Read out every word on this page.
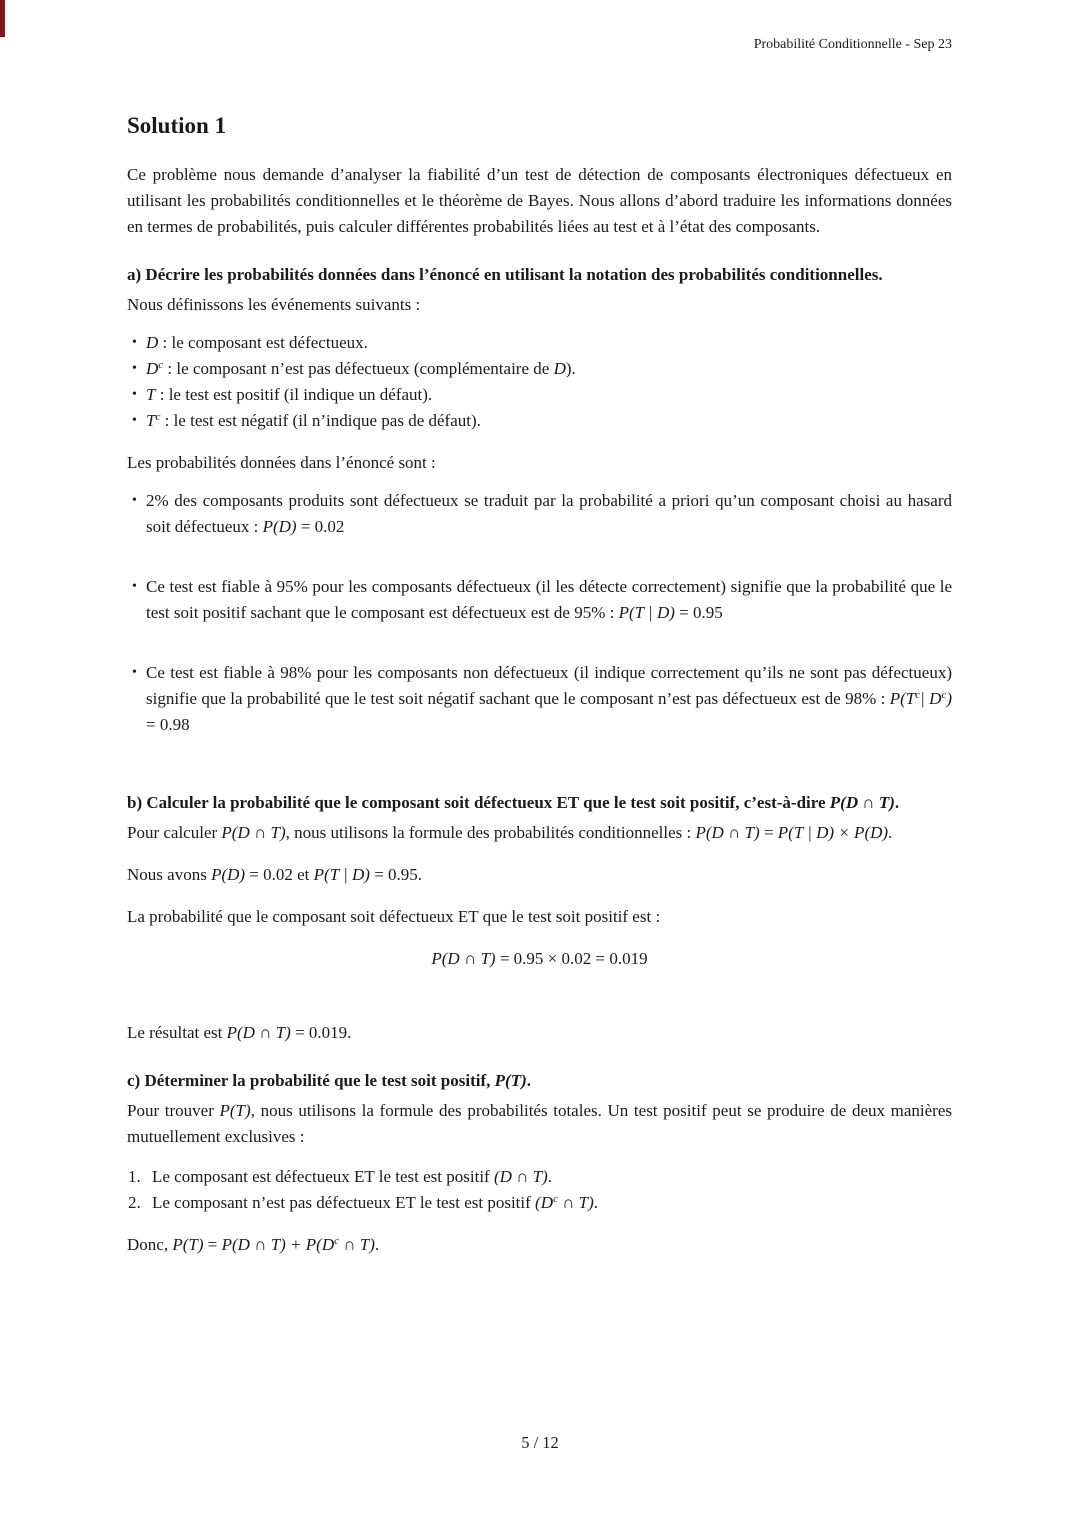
Probabilité Conditionnelle - Sep 23
Solution 1

Ce problème nous demande d’analyser la fiabilité d’un test de détection de composants électroniques défectueux en utilisant les probabilités conditionnelles et le théorème de Bayes. Nous allons d’abord traduire les informations données en termes de probabilités, puis calculer différentes probabilités liées au test et à l’état des composants.

a) Décrire les probabilités données dans l’énoncé en utilisant la notation des probabilités conditionnelles.

Nous définissons les événements suivants :

• D : le composant est défectueux.
• $D^c$ : le composant n’est pas défectueux (complémentaire de D).
• T : le test est positif (il indique un défaut).
• $T^c$ : le test est négatif (il n’indique pas de défaut).

Les probabilités données dans l’énoncé sont :

• 2% des composants produits sont défectueux se traduit par la probabilité a priori qu’un composant choisi au hasard soit défectueux : P(D) = 0.02
• Ce test est fiable à 95% pour les composants défectueux (il les détecte correctement) signifie que la probabilité que le test soit positif sachant que le composant est défectueux est de 95% : P(T | D) = 0.95
• Ce test est fiable à 98% pour les composants non défectueux (il indique correctement qu’ils ne sont pas défectueux) signifie que la probabilité que le test soit négatif sachant que le composant n’est pas défectueux est de 98% : $P(T^c|$ $D^c) = 0.98$

b) Calculer la probabilité que le composant soit défectueux ET que le test soit positif, c’est-à-dire P(D ∩ T).

Pour calculer P(D ∩ T), nous utilisons la formule des probabilités conditionnelles : P(D ∩ T) = P(T | D) × P(D).

Nous avons P(D) = 0.02 et P(T | D) = 0.95.

La probabilité que le composant soit défectueux ET que le test soit positif est :

P(D ∩ T) = 0.95 × 0.02 = 0.019

Le résultat est P(D ∩ T) = 0.019.

c) Déterminer la probabilité que le test soit positif, P(T).

Pour trouver P(T), nous utilisons la formule des probabilités totales. Un test positif peut se produire de deux manières mutuellement exclusives :

Le composant est défectueux ET le test est positif (D ∩ T).
Le composant n’est pas défectueux ET le test est positif ($D^c$ ∩ T).

Donc, P(T) = P(D ∩ $T) + P(D^c$ ∩ T).

5 / 12
